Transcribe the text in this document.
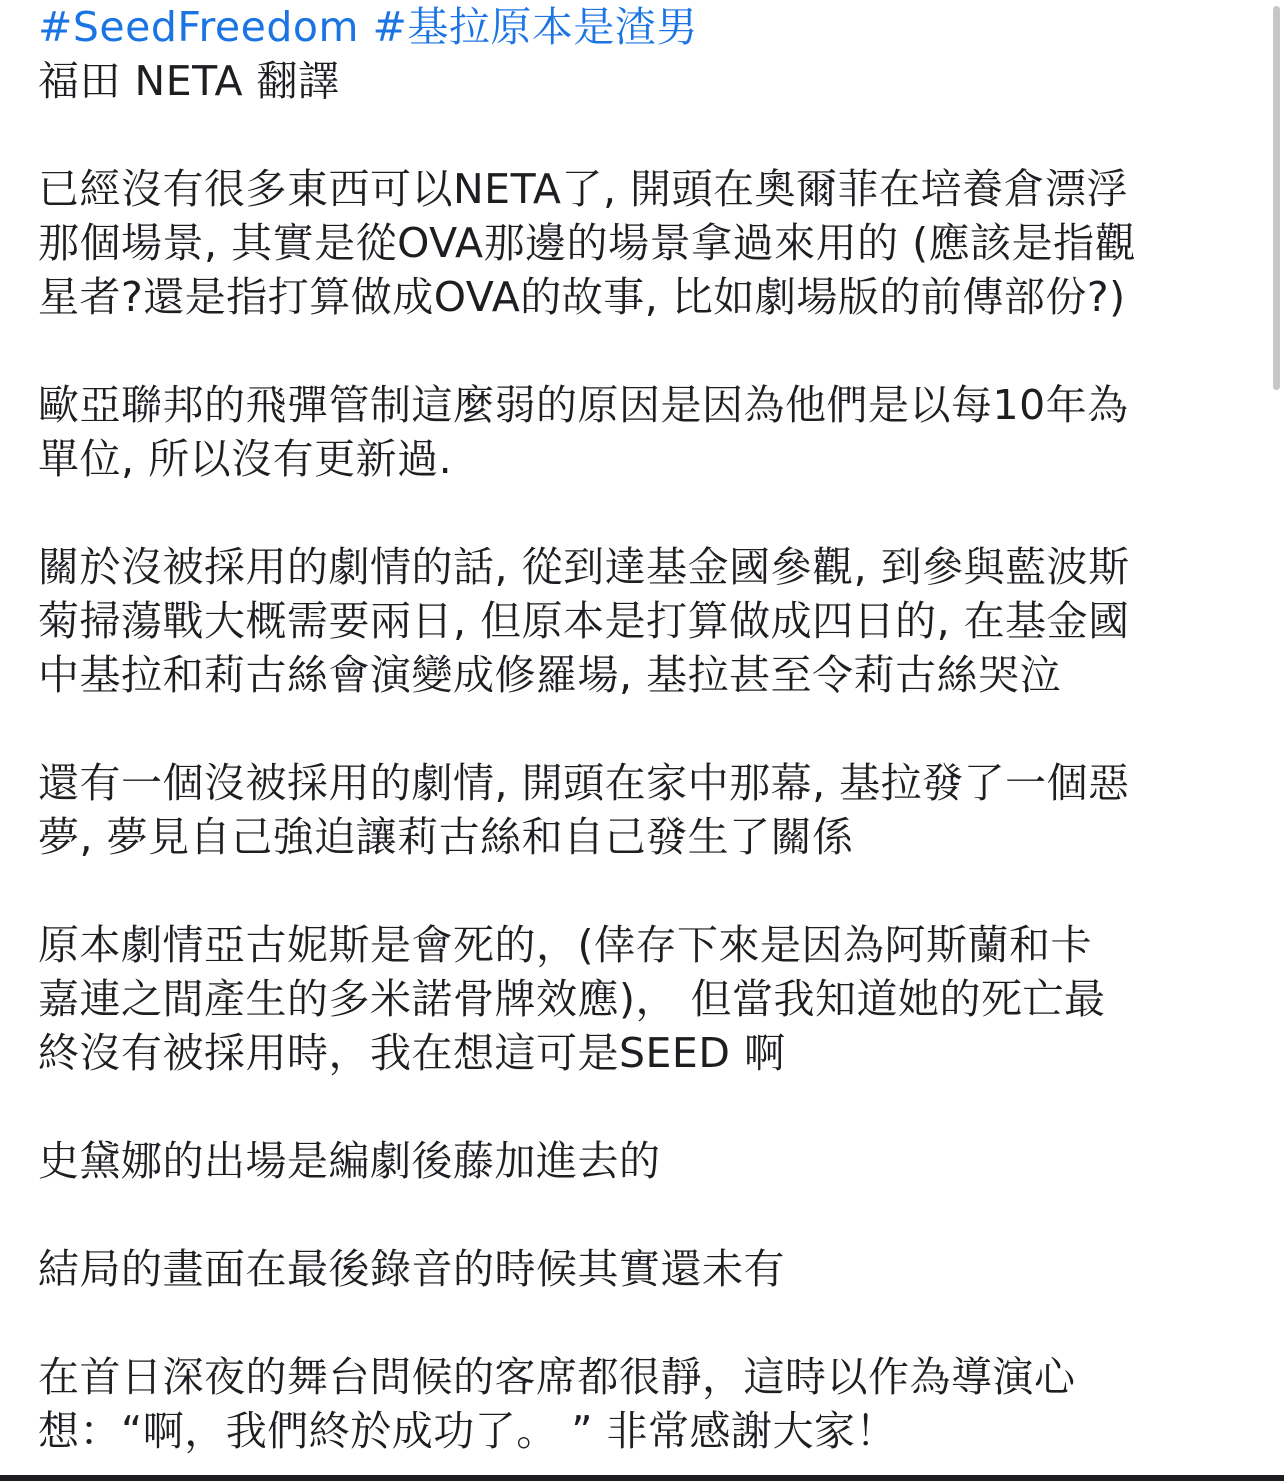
#SeedFreedom #基拉原本是渣男
福田 NETA 翻譯
已經沒有很多東西可以NETA了, 開頭在奧爾菲在培養倉漂浮
那個場景, 其實是從OVA那邊的場景拿過來用的 (應該是指觀
星者?還是指打算做成OVA的故事, 比如劇場版的前傳部份?)
歐亞聯邦的飛彈管制這麼弱的原因是因為他們是以每10年為
單位, 所以沒有更新過.
關於沒被採用的劇情的話, 從到達基金國參觀, 到參與藍波斯
菊掃蕩戰大概需要兩日, 但原本是打算做成四日的, 在基金國
中基拉和莉古絲會演變成修羅場, 基拉甚至令莉古絲哭泣
還有一個沒被採用的劇情, 開頭在家中那幕, 基拉發了一個惡
夢, 夢見自己強迫讓莉古絲和自己發生了關係
原本劇情亞古妮斯是會死的，(倖存下來是因為阿斯蘭和卡
嘉連之間產生的多米諾骨牌效應)， 但當我知道她的死亡最
終沒有被採用時，我在想這可是SEED 啊
史黛娜的出場是編劇後藤加進去的
結局的畫面在最後錄音的時候其實還未有
在首日深夜的舞台問候的客席都很靜，這時以作為導演心
想：“啊，我們終於成功了。 ” 非常感謝大家！
